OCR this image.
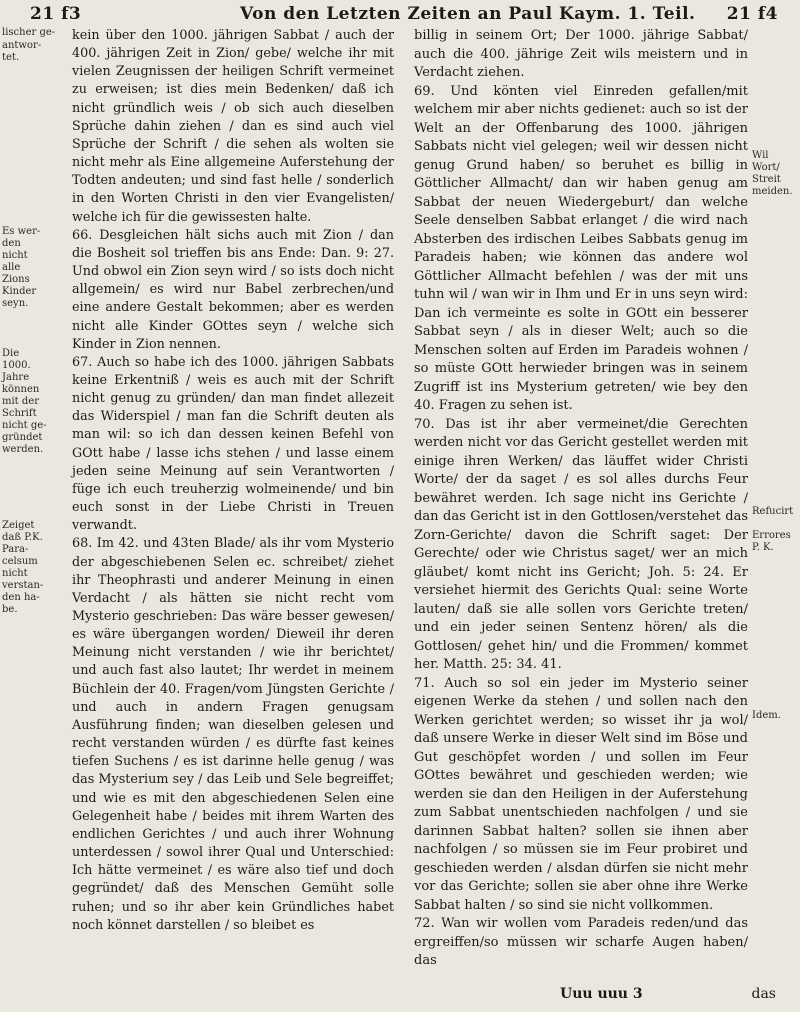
21 f3	Von den Letzten Zeiten an Paul Kaym. 1. Teil. 21 f4
lischer ge-
antwor-
tet.
Es wer-
den
nicht
alle
Zions
Kinder
seyn.
Die
1000.
Jahre
können
mit der
Schrift
nicht ge-
gründet
werden.
Zeiget
daß P.K.
Para-
celsum
nicht
verstan-
den ha-
be.
Wil
Wort/
Streit
meiden.
Refucirt
Errores
P. K.
Idem.

kein über den 1000. jährigen Sabbat / auch der 400. jährigen Zeit in Zion/ gebe/ welche ihr mit vielen Zeugnissen der heiligen Schrift vermeinet zu erweisen; ist dies mein Bedenken/ daß ich nicht gründlich weis / ob sich auch dieselben Sprüche dahin ziehen / dan es sind auch viel Sprüche der Schrift / die sehen als wolten sie nicht mehr als Eine allgemeine Auferstehung der Todten andeuten; und sind fast helle / sonderlich in den Worten Christi in den vier Evangelisten/ welche ich für die gewissesten halte.

66. Desgleichen hält sichs auch mit Zion / dan die Bosheit sol trieffen bis ans Ende: Dan. 9: 27. Und obwol ein Zion seyn wird / so ists doch nicht allgemein/ es wird nur Babel zerbrechen/und eine andere Gestalt bekommen; aber es werden nicht alle Kinder GOttes seyn / welche sich Kinder in Zion nennen.

67. Auch so habe ich des 1000. jährigen Sabbats keine Erkentniß / weis es auch mit der Schrift nicht genug zu gründen/ dan man findet allezeit das Widerspiel / man fan die Schrift deuten als man wil: so ich dan dessen keinen Befehl von GOtt habe / lasse ichs stehen / und lasse einem jeden seine Meinung auf sein Verantworten / füge ich euch treuherzig wolmeinende/ und bin euch sonst in der Liebe Christi in Treuen verwandt.

68. Im 42. und 43ten Blade/ als ihr vom Mysterio der abgeschiebenen Selen ec. schreibet/ ziehet ihr Theophrasti und anderer Meinung in einen Verdacht / als hätten sie nicht recht vom Mysterio geschrieben: Das wäre besser gewesen/ es wäre übergangen worden/ Dieweil ihr deren Meinung nicht verstanden / wie ihr berichtet/ und auch fast also lautet; Ihr werdet in meinem Büchlein der 40. Fragen/vom Jüngsten Gerichte / und auch in andern Fragen genugsam Ausführung finden; wan dieselben gelesen und recht verstanden würden / es dürfte fast keines tiefen Suchens / es ist darinne helle genug / was das Mysterium sey / das Leib und Sele begreiffet; und wie es mit den abgeschiedenen Selen eine Gelegenheit habe / beides mit ihrem Warten des endlichen Gerichtes / und auch ihrer Wohnung unterdessen / sowol ihrer Qual und Unterschied: Ich hätte vermeinet / es wäre also tief und doch gegründet/ daß des Menschen Gemüht solle ruhen; und so ihr aber kein Gründliches habet noch könnet darstellen / so bleibet es

billig in seinem Ort; Der 1000. jährige Sabbat/ auch die 400. jährige Zeit wils meistern und in Verdacht ziehen.

69. Und könten viel Einreden gefallen/mit welchem mir aber nichts gedienet: auch so ist der Welt an der Offenbarung des 1000. jährigen Sabbats nicht viel gelegen; weil wir dessen nicht genug Grund haben/ so beruhet es billig in Göttlicher Allmacht/ dan wir haben genug am Sabbat der neuen Wiedergeburt/ dan welche Seele denselben Sabbat erlanget / die wird nach Absterben des irdischen Leibes Sabbats genug im Paradeis haben; wie können das andere wol Göttlicher Allmacht befehlen / was der mit uns tuhn wil / wan wir in Ihm und Er in uns seyn wird: Dan ich vermeinte es solte in GOtt ein besserer Sabbat seyn / als in dieser Welt; auch so die Menschen solten auf Erden im Paradeis wohnen / so müste GOtt herwieder bringen was in seinem Zugriff ist ins Mysterium getreten/ wie bey den 40. Fragen zu sehen ist.

70. Das ist ihr aber vermeinet/die Gerechten werden nicht vor das Gericht gestellet werden mit einige ihren Werken/ das läuffet wider Christi Worte/ der da saget / es sol alles durchs Feur bewähret werden. Ich sage nicht ins Gerichte / dan das Gericht ist in den Gottlosen/verstehet das Zorn-Gerichte/ davon die Schrift saget: Der Gerechte/ oder wie Christus saget/ wer an mich gläubet/ komt nicht ins Gericht; Joh. 5: 24. Er versiehet hiermit des Gerichts Qual: seine Worte lauten/ daß sie alle sollen vors Gerichte treten/ und ein jeder seinen Sentenz hören/ als die Gottlosen/ gehet hin/ und die Frommen/ kommet her. Matth. 25: 34. 41.

71. Auch so sol ein jeder im Mysterio seiner eigenen Werke da stehen / und sollen nach den Werken gerichtet werden; so wisset ihr ja wol/ daß unsere Werke in dieser Welt sind im Böse und Gut geschöpfet worden / und sollen im Feur GOttes bewähret und geschieden werden; wie werden sie dan den Heiligen in der Auferstehung zum Sabbat unentschieden nachfolgen / und sie darinnen Sabbat halten? sollen sie ihnen aber nachfolgen / so müssen sie im Feur probiret und geschieden werden / alsdan dürfen sie nicht mehr vor das Gerichte; sollen sie aber ohne ihre Werke Sabbat halten / so sind sie nicht vollkommen.

72. Wan wir wollen vom Paradeis reden/und das ergreiffen/so müssen wir scharfe Augen haben/ das

Uuu uuu 3	das
